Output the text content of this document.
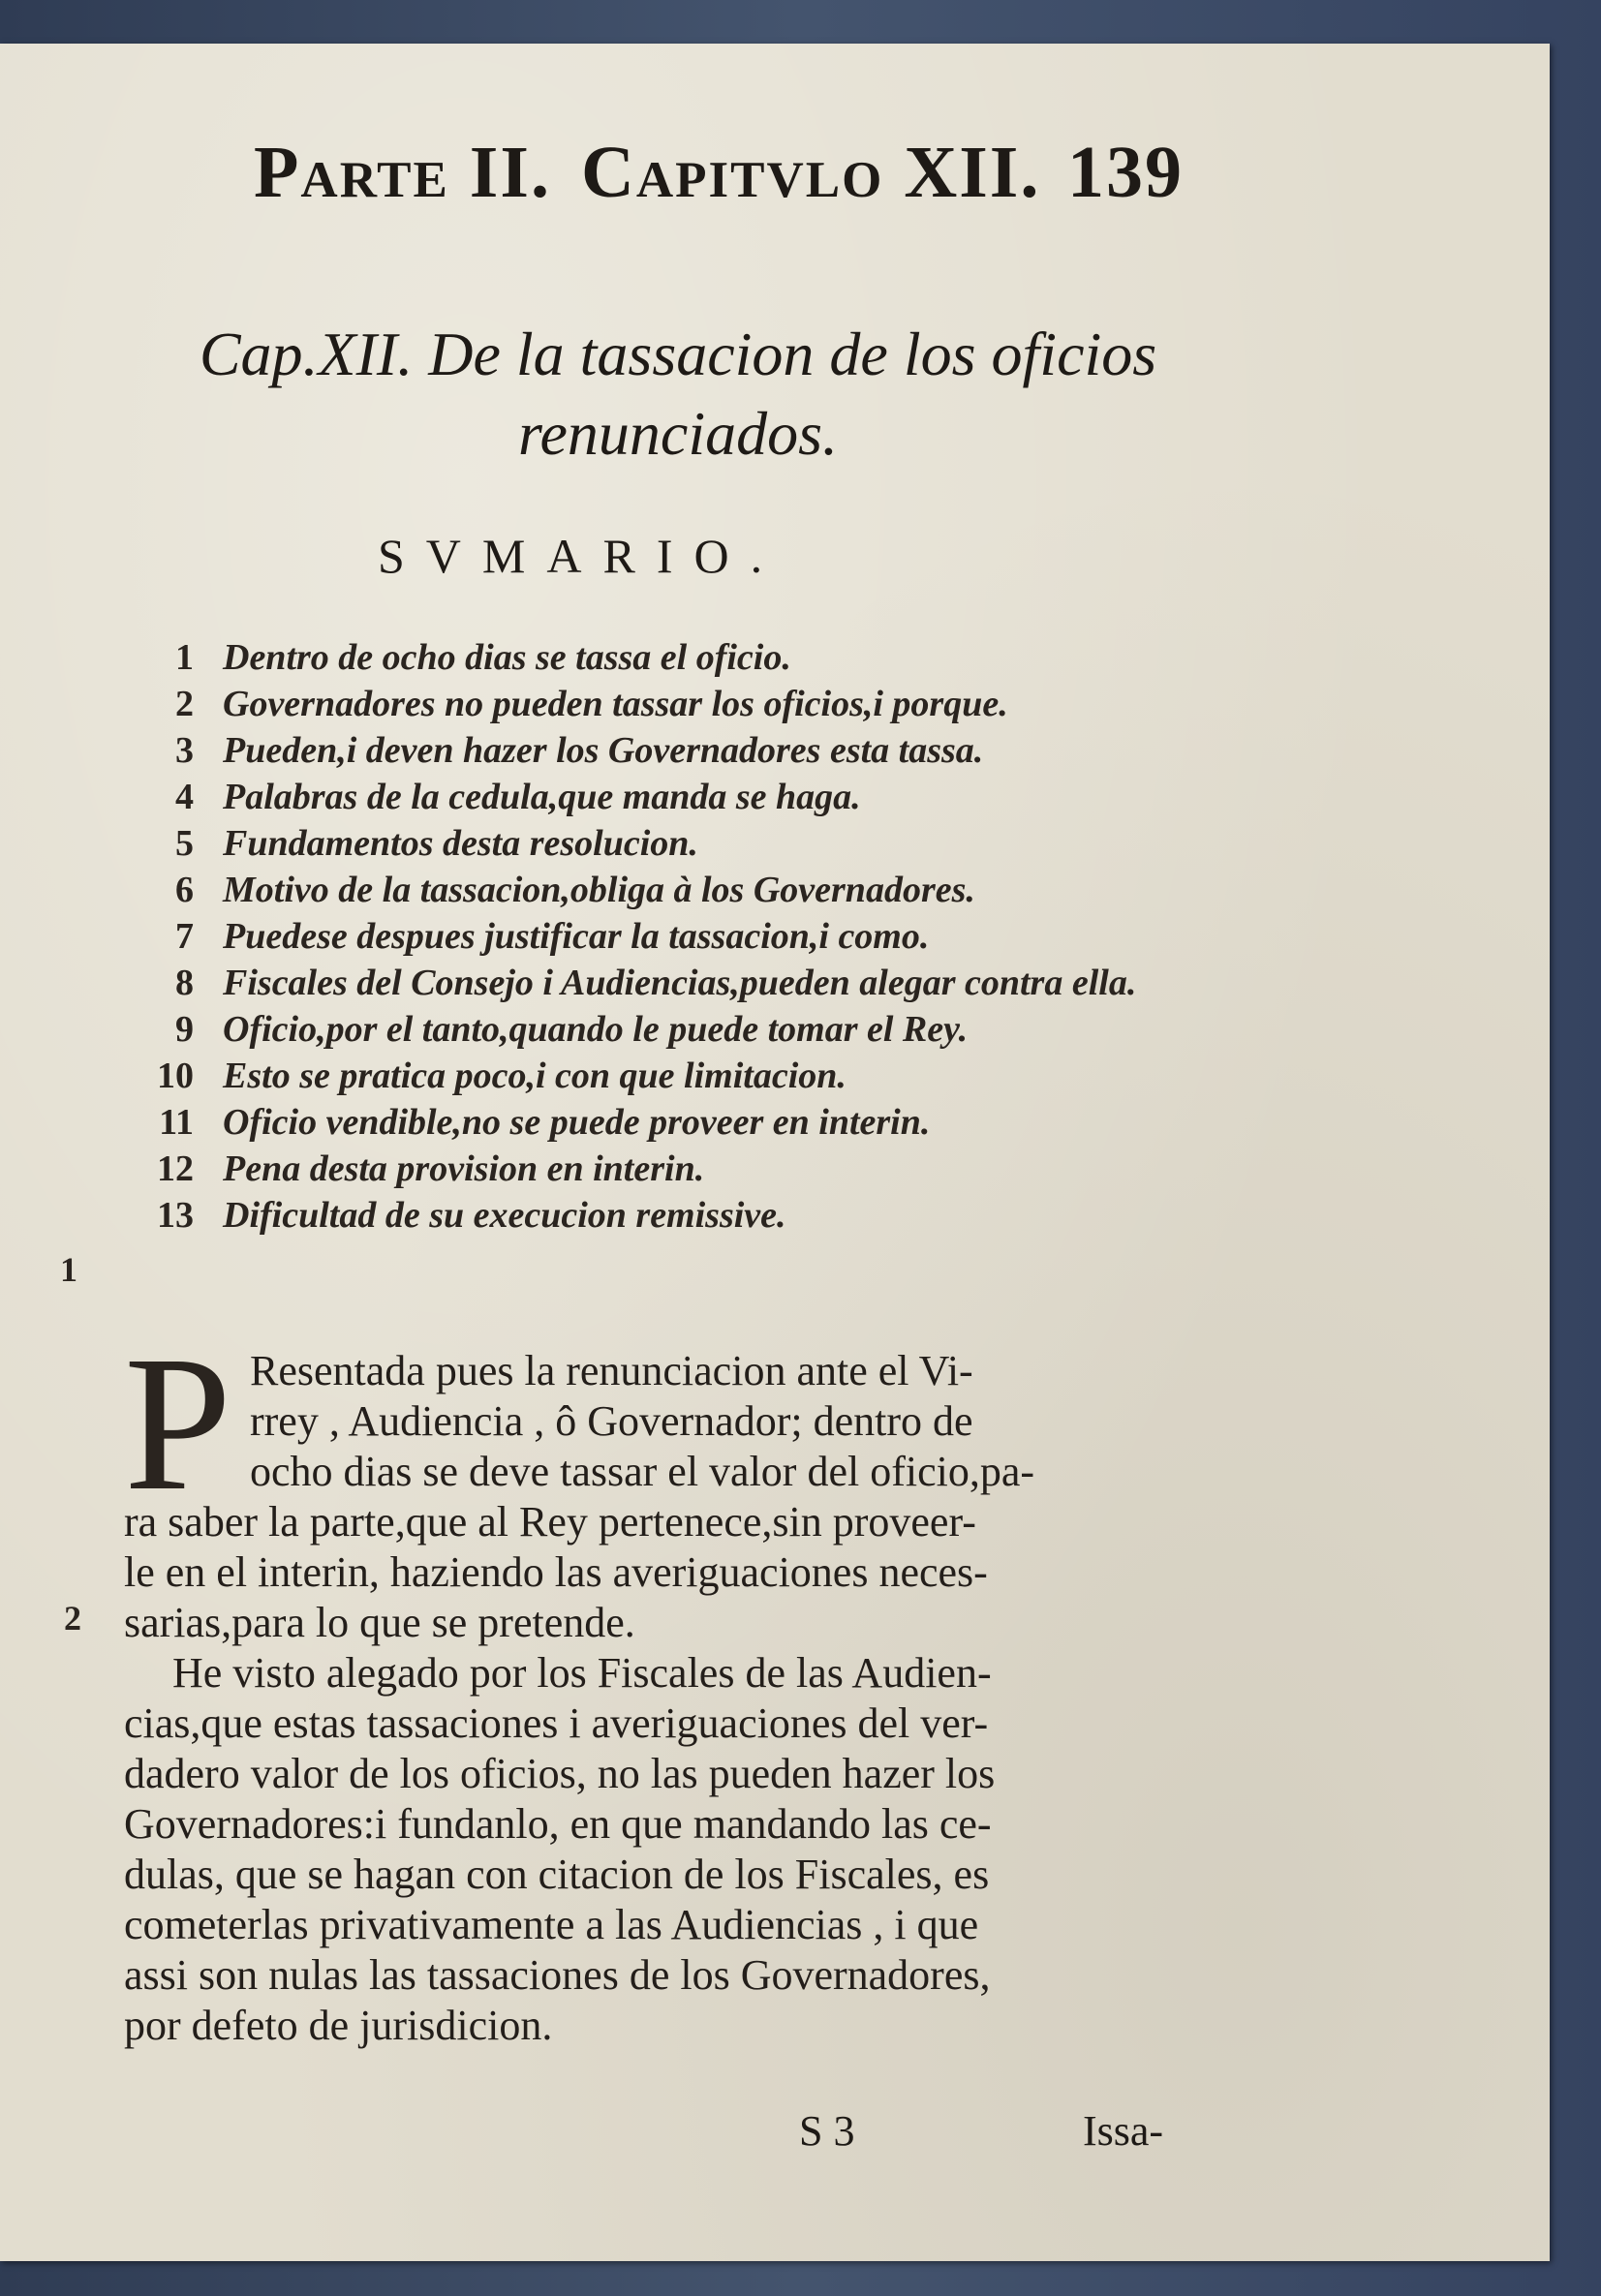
Parte II. Capitvlo XII. 139
Cap.XII. De la tassacion de los oficios
renunciados.
SVMARIO.
1 Dentro de ocho dias se tassa el oficio.
2 Governadores no pueden tassar los oficios,i porque.
3 Pueden,i deven hazer los Governadores esta tassa.
4 Palabras de la cedula,que manda se haga.
5 Fundamentos desta resolucion.
6 Motivo de la tassacion,obliga à los Governadores.
7 Puedese despues justificar la tassacion,i como.
8 Fiscales del Consejo i Audiencias,pueden alegar contra ella.
9 Oficio,por el tanto,quando le puede tomar el Rey.
10 Esto se pratica poco,i con que limitacion.
11 Oficio vendible,no se puede proveer en interin.
12 Pena desta provision en interin.
13 Dificultad de su execucion remissive.
1
2
P Resentada pues la renunciacion ante el Vi-
rrey , Audiencia , ô Governador; dentro de
ocho dias se deve tassar el valor del oficio,pa-
ra saber la parte,que al Rey pertenece,sin proveer-
le en el interin, haziendo las averiguaciones neces-
sarias,para lo que se pretende.
He visto alegado por los Fiscales de las Audien-
cias,que estas tassaciones i averiguaciones del ver-
dadero valor de los oficios, no las pueden hazer los
Governadores:i fundanlo, en que mandando las ce-
dulas, que se hagan con citacion de los Fiscales, es
cometerlas privativamente a las Audiencias , i que
assi son nulas las tassaciones de los Governadores,
por defeto de jurisdicion.
S 3	Issa-
